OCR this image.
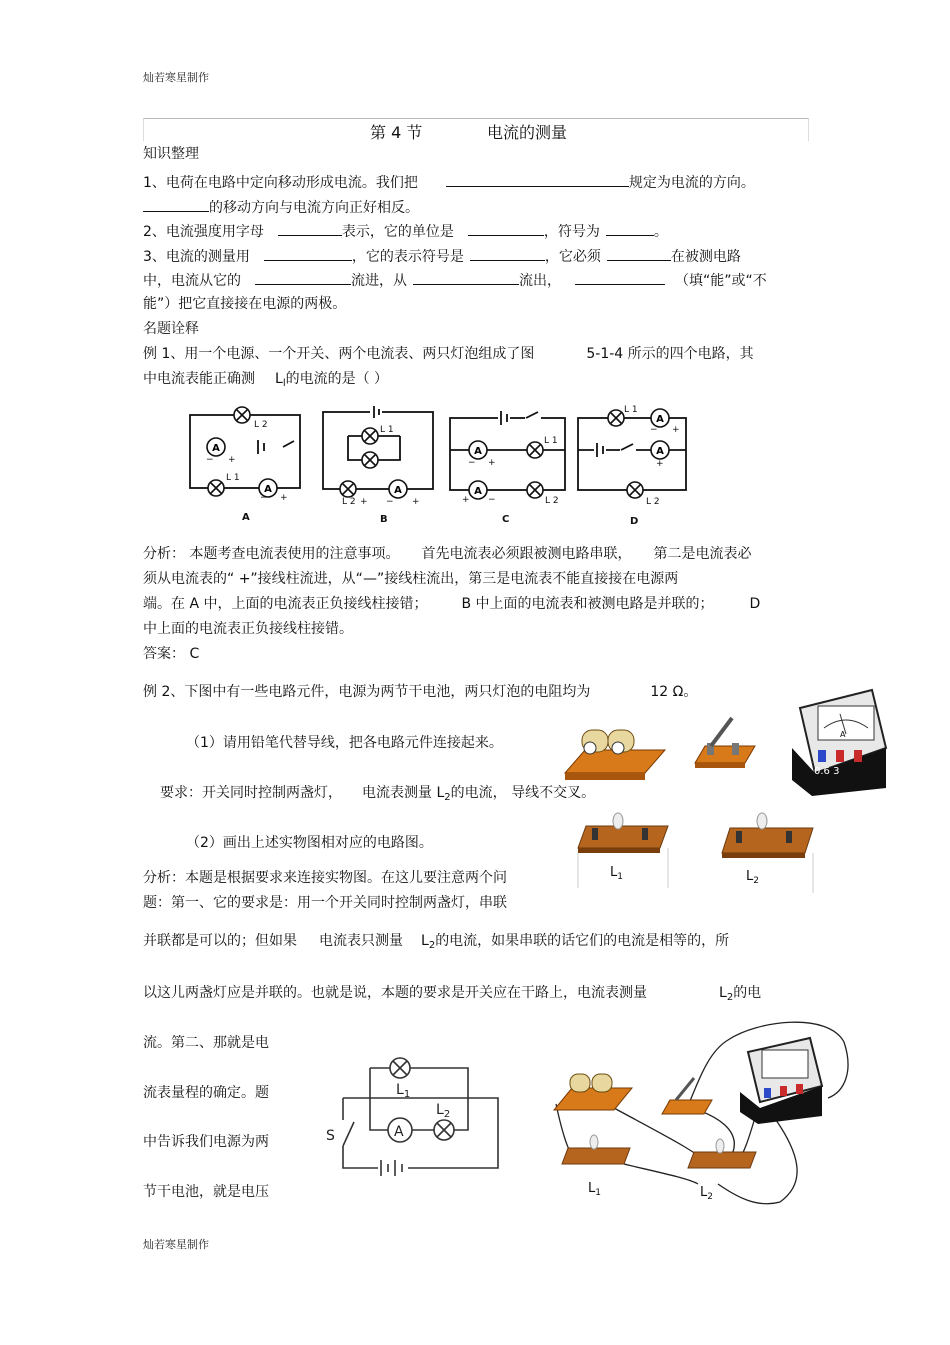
灿若寒星制作
第 4 节	电流的测量
知识整理
1、电荷在电路中定向移动形成电流。我们把	规定为电流的方向。
的移动方向与电流方向正好相反。
2、电流强度用字母	表示，它的单位是	，符号为	。
3、电流的测量用	，它的表示符号是	，它必须	在被测电路
中，电流从它的	流进，从	流出，	（填“能”或“不
能”）把它直接接在电源的两极。
名题诠释
例 1、用一个电源、一个开关、两个电流表、两只灯泡组成了图	5-1-4 所示的四个电路，其
中电流表能正确测 $L_l$的电流的是（ ）
A
L 2
L 1
− +
− +
L 1
L 2 + − +
L 1
L 2
− +
+ −
L 1
L 2
− +
+
A	B	C	D
分析： 本题考查电流表使用的注意事项。 首先电流表必须跟被测电路串联， 第二是电流表必
须从电流表的“ +”接线柱流进，从“—”接线柱流出，第三是电流表不能直接接在电源两
端。在 A 中，上面的电流表正负接线柱接错； B 中上面的电流表和被测电路是并联的；	D
中上面的电流表正负接线柱接错。
答案： C
例 2、下图中有一些电路元件，电源为两节干电池，两只灯泡的电阻均为	12 Ω。
（1）请用铅笔代替导线，把各电路元件连接起来。
要求：开关同时控制两盏灯， 电流表测量 $L_2$的电流， 导线不交叉。
（2）画出上述实物图相对应的电路图。
分析：本题是根据要求来连接实物图。在这儿要注意两个问
题：第一、它的要求是：用一个开关同时控制两盏灯，串联
并联都是可以的；但如果 电流表只测量 $L_2$的电流，如果串联的话它们的电流是相等的，所
以这儿两盏灯应是并联的。也就是说，本题的要求是开关应在干路上，电流表测量	$L_2$的电
流。第二、那就是电
流表量程的确定。题
中告诉我们电源为两
节干电池，就是电压
A
0.6 3
$L_1$	$L_2$
A
S
$L_1$
$L_2$
$L_1$	$L_2$
灿若寒星制作
